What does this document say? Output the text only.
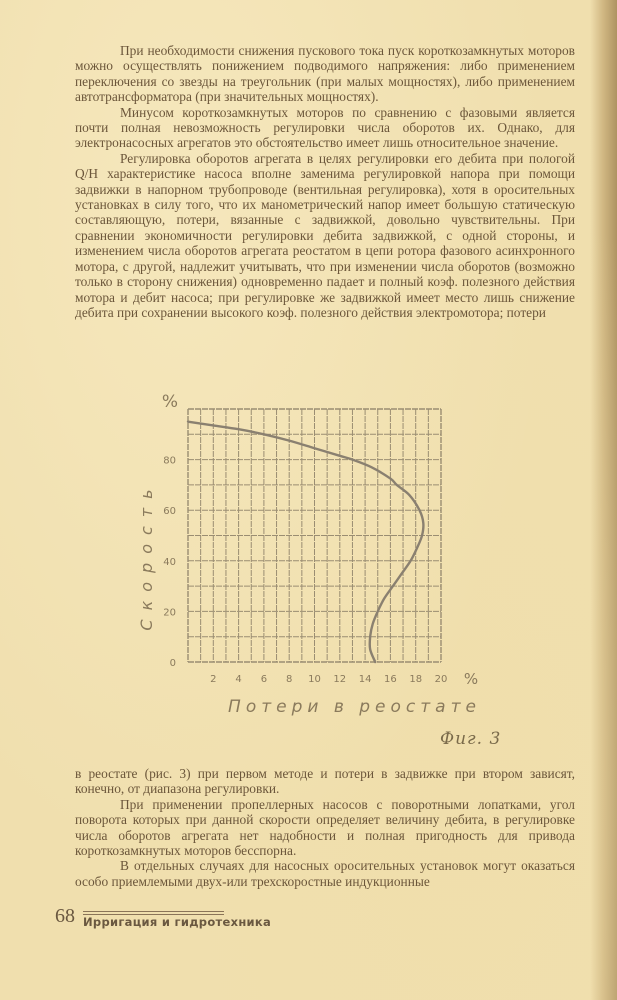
При необходимости снижения пускового тока пуск короткозамкнутых моторов можно осуществлять понижением подводимого напряжения: либо применением переключения со звезды на треугольник (при малых мощностях), либо применением автотрансформатора (при значительных мощностях).

Минусом короткозамкнутых моторов по сравнению с фазовыми является почти полная невозможность регулировки числа оборотов их. Однако, для электронасосных агрегатов это обстоятельство имеет лишь относительное значение.

Регулировка оборотов агрегата в целях регулировки его дебита при пологой Q/H характеристике насоса вполне заменима регулировкой напора при помощи задвижки в напорном трубопроводе (вентильная регулировка), хотя в оросительных установках в силу того, что их манометрический напор имеет большую статическую составляющую, потери, вязанные с задвижкой, довольно чувствительны. При сравнении экономичности регулировки дебита задвижкой, с одной стороны, и изменением числа оборотов агрегата реостатом в цепи ротора фазового асинхронного мотора, с другой, надлежит учитывать, что при изменении числа оборотов (возможно только в сторону снижения) одновременно падает и полный коэф. полезного действия мотора и дебит насоса; при регулировке же задвижкой имеет место лишь снижение дебита при сохранении высокого коэф. полезного действия электромотора; потери

2 4 6 8 10 12 14 16 18 20 %
0
20
40
60
80
%
Потери в реостате
Скорость
Фиг. 3

в реостате (рис. 3) при первом методе и потери в задвижке при втором зависят, конечно, от диапазона регулировки.

При применении пропеллерных насосов с поворотными лопатками, угол поворота которых при данной скорости определяет величину дебита, в регулировке числа оборотов агрегата нет надобности и полная пригодность для привода короткозамкнутых моторов бесспорна.

В отдельных случаях для насосных оросительных установок могут оказаться особо приемлемыми двух-или трехскоростные индукционные

68 Ирригация и гидротехника
